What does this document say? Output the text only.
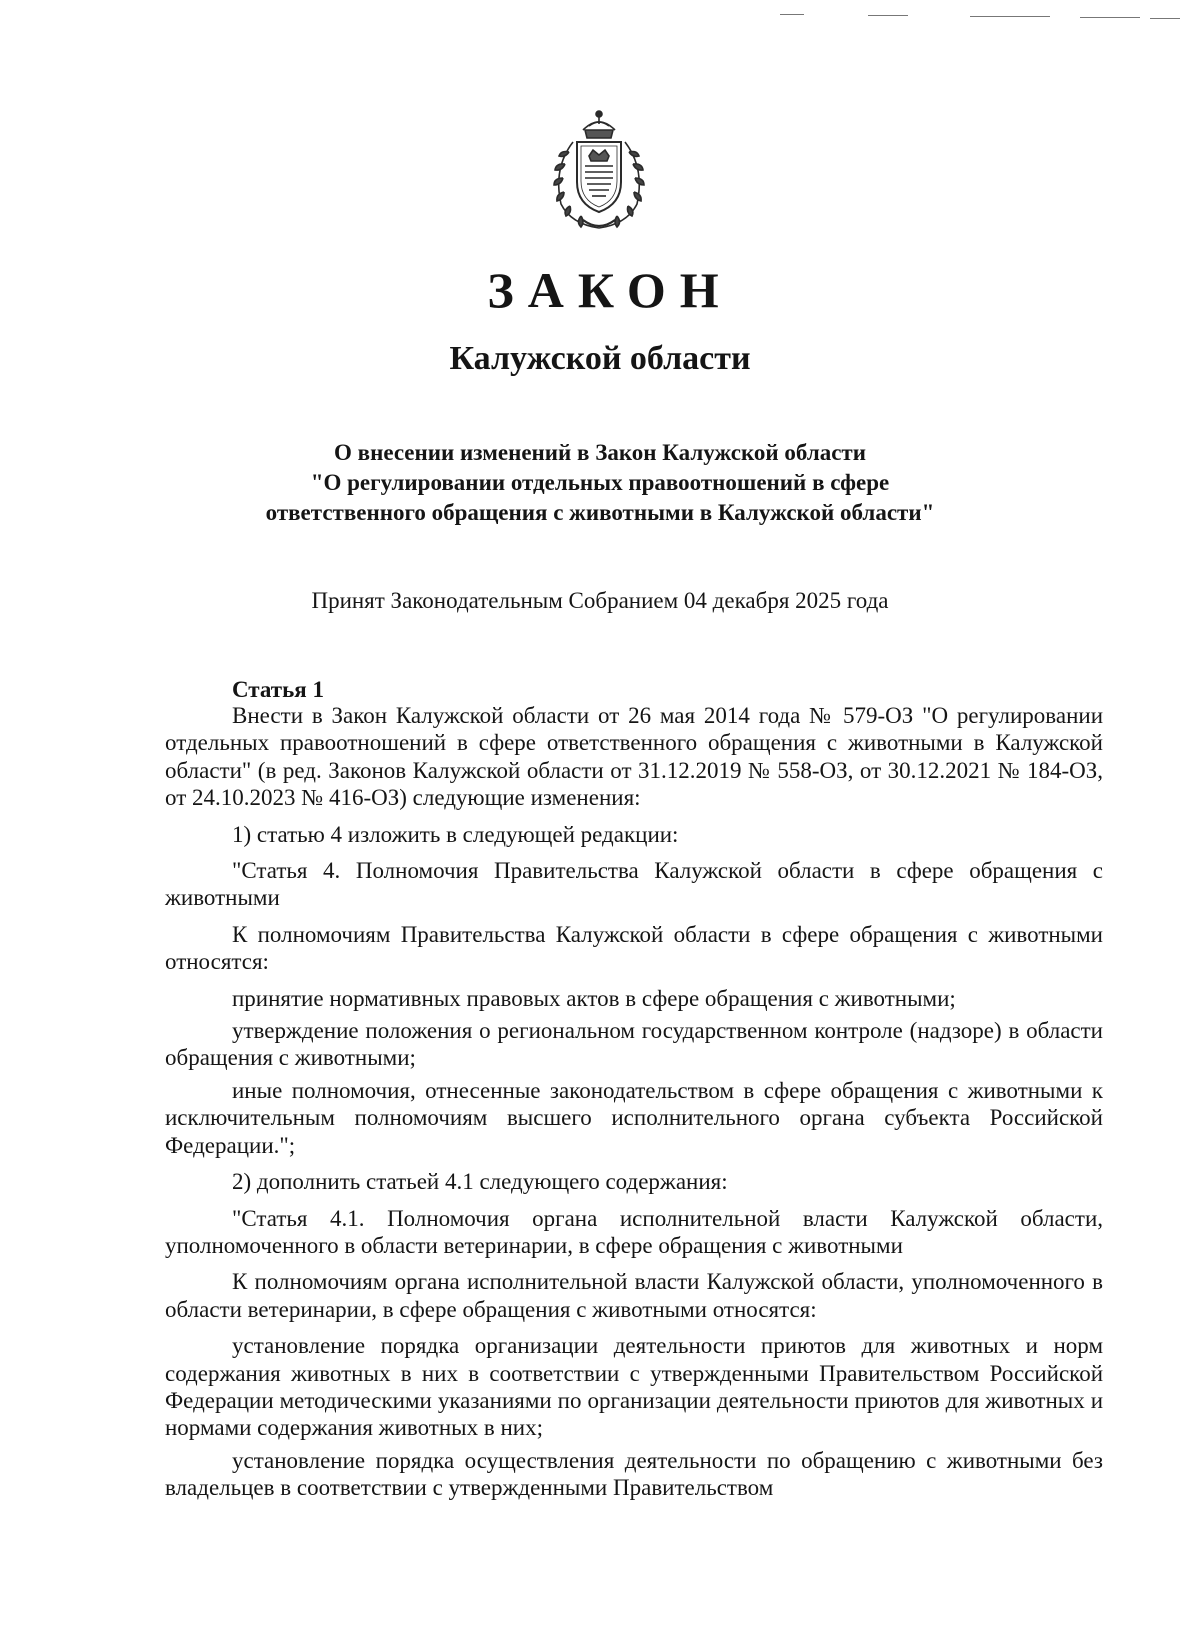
ЗАКОН
Калужской области
О внесении изменений в Закон Калужской области
"О регулировании отдельных правоотношений в сфере
ответственного обращения с животными в Калужской области"
Принят Законодательным Собранием 04 декабря 2025 года
Статья 1

Внести в Закон Калужской области от 26 мая 2014 года № 579-ОЗ "О регулировании отдельных правоотношений в сфере ответственного обращения с животными в Калужской области" (в ред. Законов Калужской области от 31.12.2019 № 558-ОЗ, от 30.12.2021 № 184-ОЗ, от 24.10.2023 № 416-ОЗ) следующие изменения:

1) статью 4 изложить в следующей редакции:

"Статья 4. Полномочия Правительства Калужской области в сфере обращения с животными

К полномочиям Правительства Калужской области в сфере обращения с животными относятся:

принятие нормативных правовых актов в сфере обращения с животными;

утверждение положения о региональном государственном контроле (надзоре) в области обращения с животными;

иные полномочия, отнесенные законодательством в сфере обращения с животными к исключительным полномочиям высшего исполнительного органа субъекта Российской Федерации.";

2) дополнить статьей 4.1 следующего содержания:

"Статья 4.1. Полномочия органа исполнительной власти Калужской области, уполномоченного в области ветеринарии, в сфере обращения с животными

К полномочиям органа исполнительной власти Калужской области, уполномоченного в области ветеринарии, в сфере обращения с животными относятся:

установление порядка организации деятельности приютов для животных и норм содержания животных в них в соответствии с утвержденными Правительством Российской Федерации методическими указаниями по организации деятельности приютов для животных и нормами содержания животных в них;

установление порядка осуществления деятельности по обращению с животными без владельцев в соответствии с утвержденными Правительством
